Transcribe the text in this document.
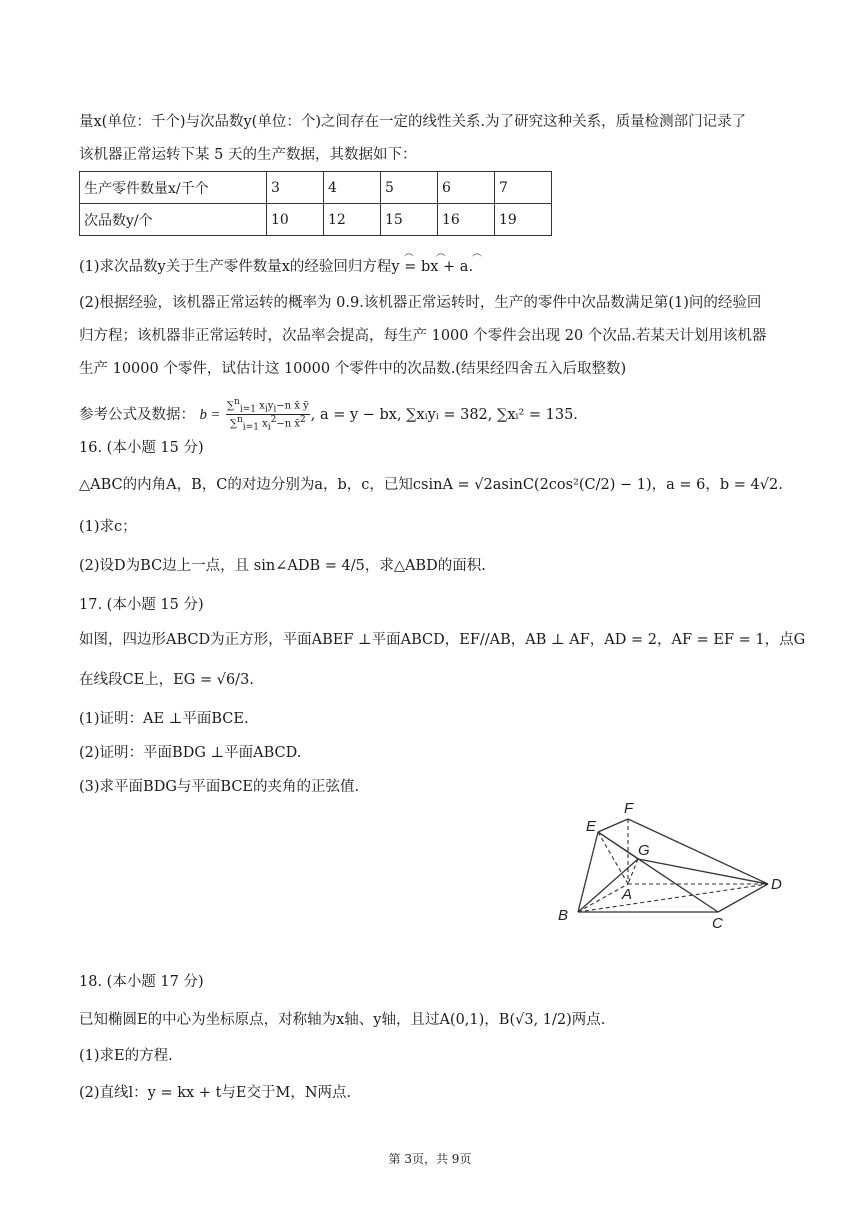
量x(单位：千个)与次品数y(单位：个)之间存在一定的线性关系.为了研究这种关系，质量检测部门记录了
该机器正常运转下某 5 天的生产数据，其数据如下：
生产零件数量x/千个	3	4	5	6	7
次品数y/个	10	12	15	16	19
︵ ︵	︵
(1)求次品数y关于生产零件数量x的经验回归方程y = bx + a.
(2)根据经验，该机器正常运转的概率为 0.9.该机器正常运转时，生产的零件中次品数满足第(1)问的经验回
归方程；该机器非正常运转时，次品率会提高，每生产 1000 个零件会出现 20 个次品.若某天计划用该机器
生产 10000 个零件，试估计这 10000 个零件中的次品数.(结果经四舍五入后取整数)
参考公式及数据： $b = \frac{\sum^n_{i=1} x_iy_i-n x̄ ȳ}{\sum^n_{i=1} x_i^2-n x̄^2}$ , a = y − bx, ∑xᵢyᵢ = 382, ∑xᵢ² = 135.
16. (本小题 15 分)
△ABC的内角A，B，C的对边分别为a，b，c，已知csinA = √2asinC(2cos²(C/2) − 1)，a = 6，b = 4√2.
(1)求c；
(2)设D为BC边上一点，且 sin∠ADB = 4/5，求△ABD的面积.
17. (本小题 15 分)
如图，四边形ABCD为正方形，平面ABEF ⊥平面ABCD，EF//AB，AB ⊥ AF，AD = 2，AF = EF = 1，点G
在线段CE上，EG = √6/3.
(1)证明：AE ⊥平面BCE.
(2)证明：平面BDG ⊥平面ABCD.
(3)求平面BDG与平面BCE的夹角的正弦值.
F
E
G
A
D
B	C
18. (本小题 17 分)
已知椭圆E的中心为坐标原点，对称轴为x轴、y轴，且过A(0,1)，B(√3, 1/2)两点.
(1)求E的方程.
(2)直线l：y = kx + t与E交于M，N两点.
第 3页，共 9页
